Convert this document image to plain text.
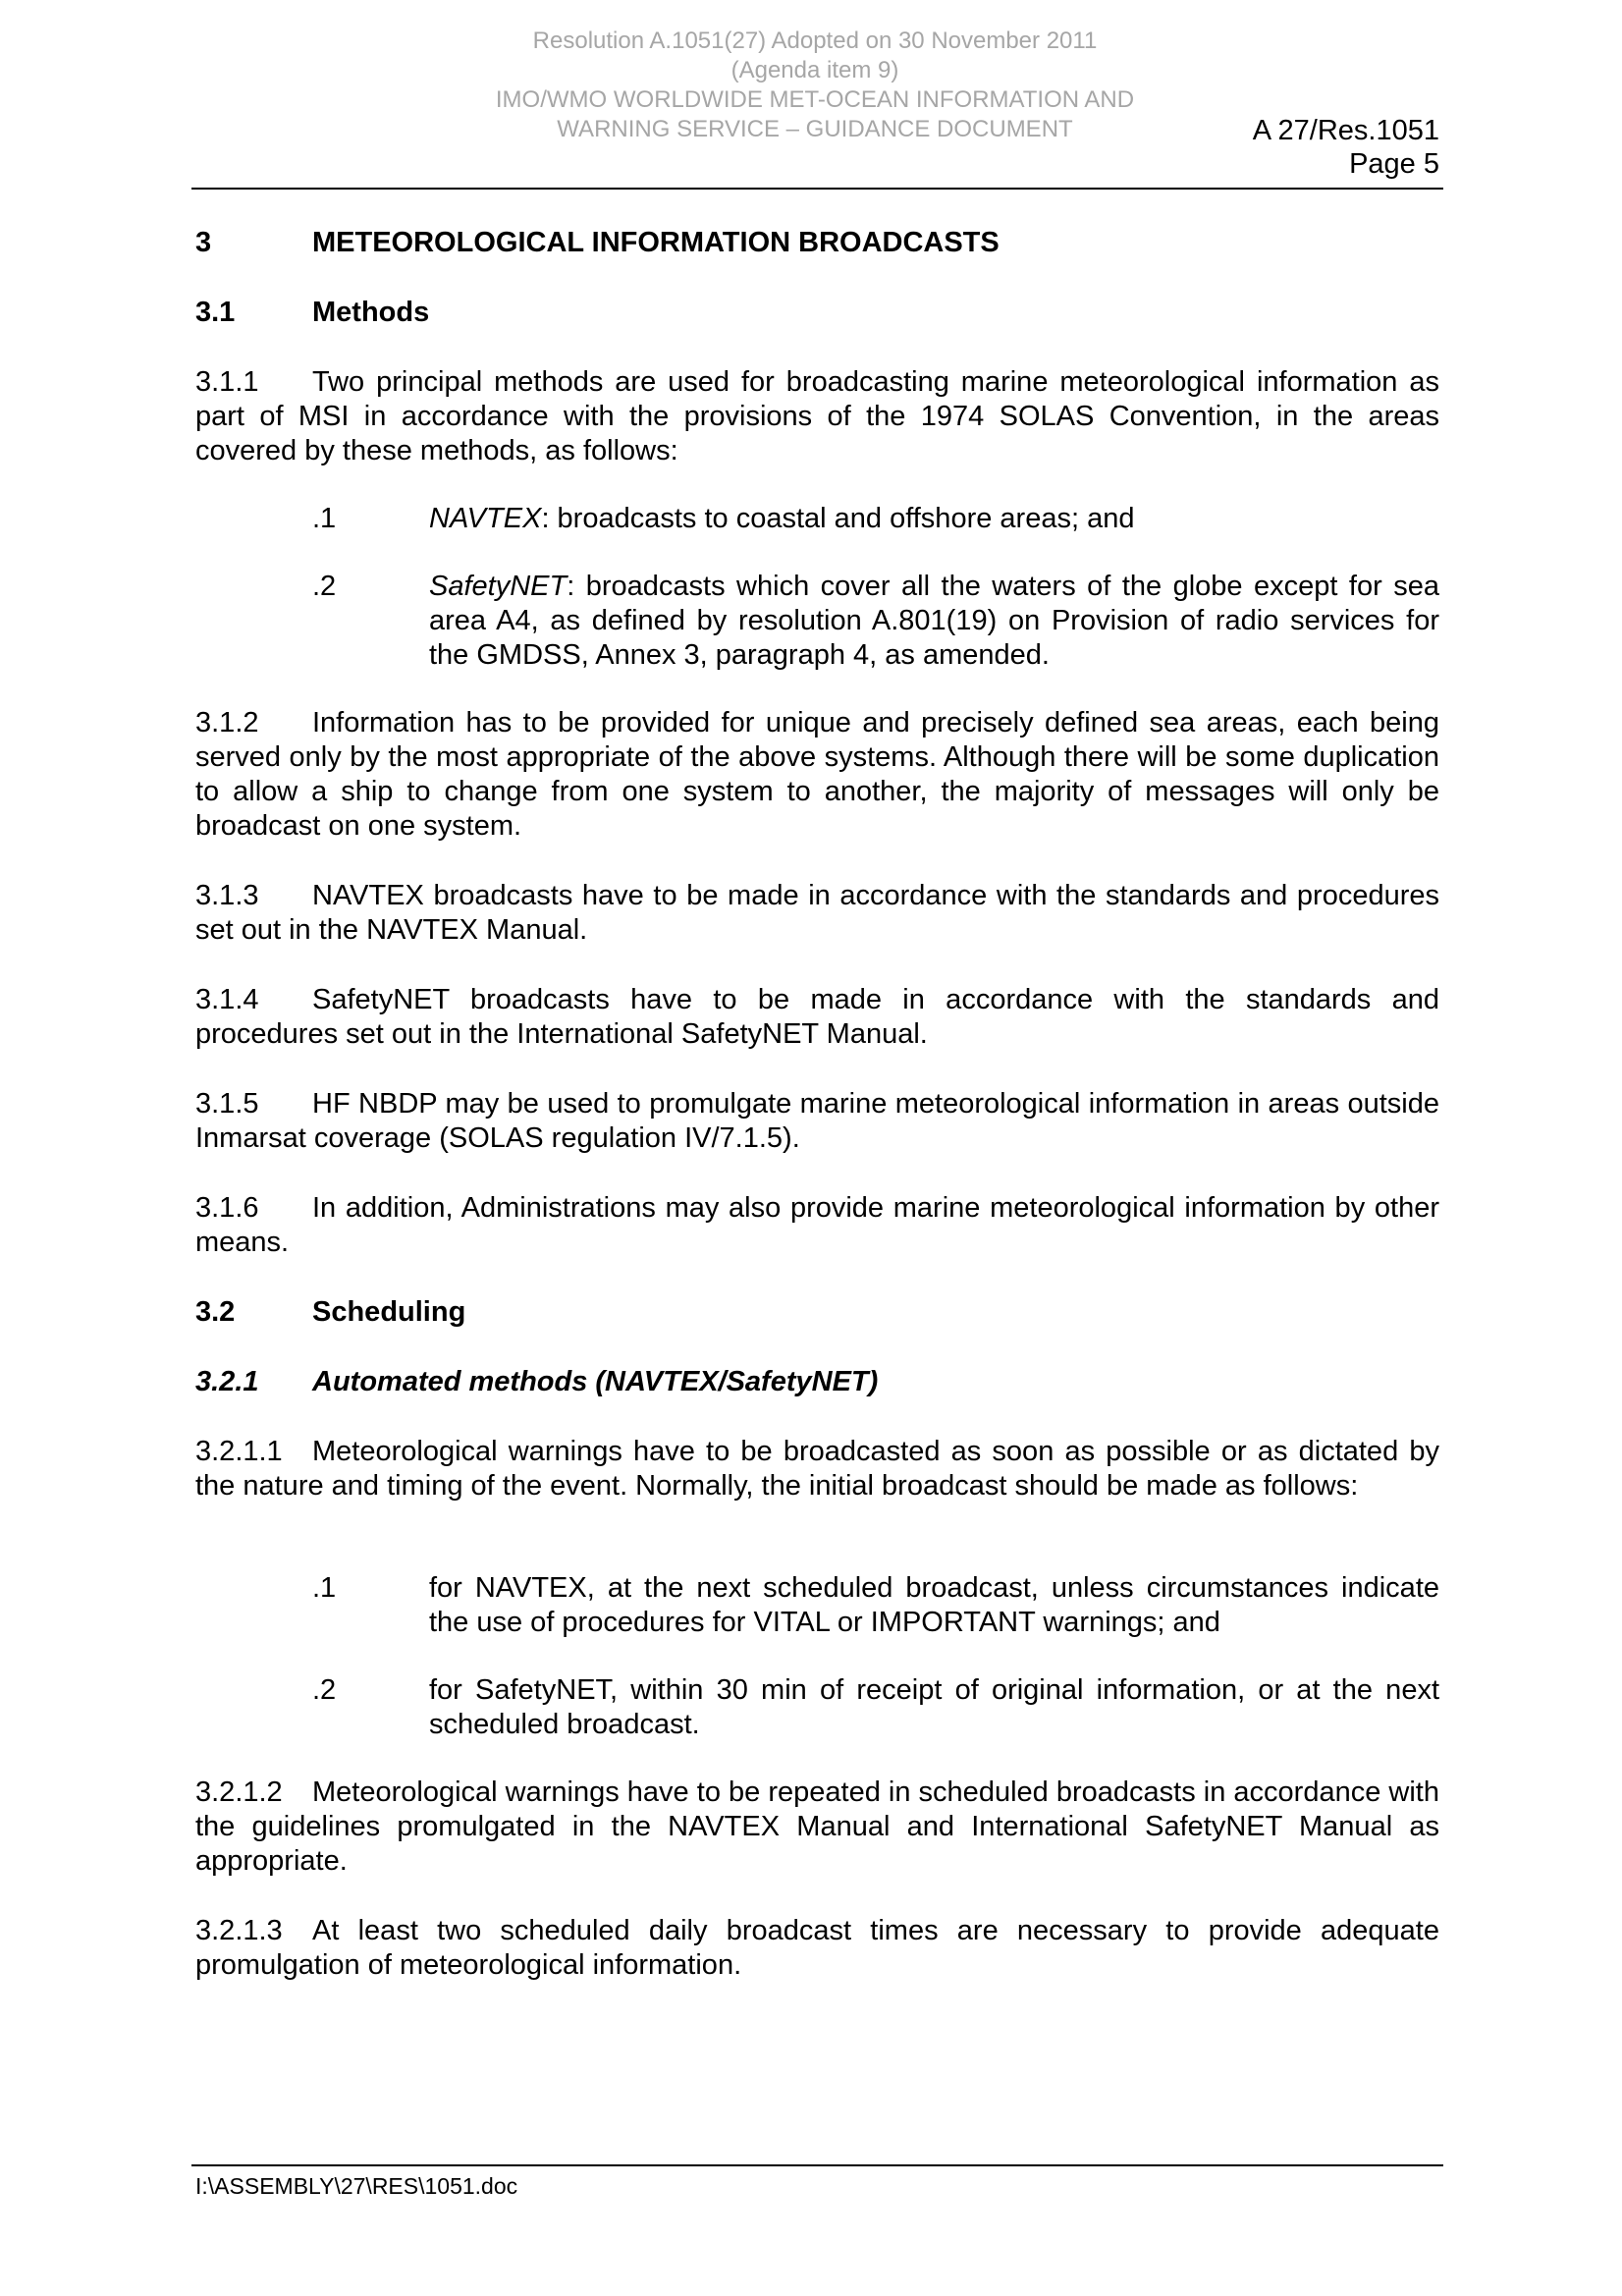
Resolution A.1051(27) Adopted on 30 November 2011
(Agenda item 9)
IMO/WMO WORLDWIDE MET-OCEAN INFORMATION AND
WARNING SERVICE – GUIDANCE DOCUMENT	A 27/Res.1051
Page 5
3	METEOROLOGICAL INFORMATION BROADCASTS
3.1	Methods
3.1.1 Two principal methods are used for broadcasting marine meteorological information as part of MSI in accordance with the provisions of the 1974 SOLAS Convention, in the areas covered by these methods, as follows:
.1	NAVTEX: broadcasts to coastal and offshore areas; and
.2	SafetyNET: broadcasts which cover all the waters of the globe except for sea area A4, as defined by resolution A.801(19) on Provision of radio services for the GMDSS, Annex 3, paragraph 4, as amended.
3.1.2 Information has to be provided for unique and precisely defined sea areas, each being served only by the most appropriate of the above systems. Although there will be some duplication to allow a ship to change from one system to another, the majority of messages will only be broadcast on one system.
3.1.3 NAVTEX broadcasts have to be made in accordance with the standards and procedures set out in the NAVTEX Manual.
3.1.4 SafetyNET broadcasts have to be made in accordance with the standards and procedures set out in the International SafetyNET Manual.
3.1.5 HF NBDP may be used to promulgate marine meteorological information in areas outside Inmarsat coverage (SOLAS regulation IV/7.1.5).
3.1.6 In addition, Administrations may also provide marine meteorological information by other means.
3.2	Scheduling
3.2.1 Automated methods (NAVTEX/SafetyNET)
3.2.1.1 Meteorological warnings have to be broadcasted as soon as possible or as dictated by the nature and timing of the event. Normally, the initial broadcast should be made as follows:
.1	for NAVTEX, at the next scheduled broadcast, unless circumstances indicate the use of procedures for VITAL or IMPORTANT warnings; and
.2	for SafetyNET, within 30 min of receipt of original information, or at the next scheduled broadcast.
3.2.1.2 Meteorological warnings have to be repeated in scheduled broadcasts in accordance with the guidelines promulgated in the NAVTEX Manual and International SafetyNET Manual as appropriate.
3.2.1.3 At least two scheduled daily broadcast times are necessary to provide adequate promulgation of meteorological information.
I:\ASSEMBLY\27\RES\1051.doc
